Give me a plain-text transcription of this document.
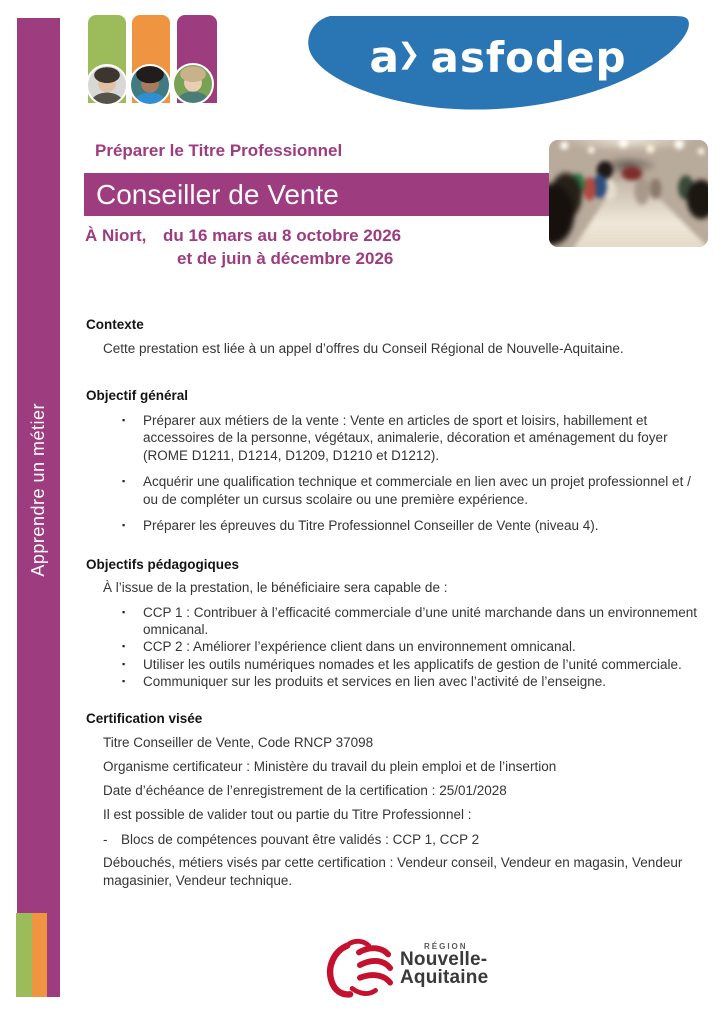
Apprendre un métier
a❯ asfodep
Préparer le Titre Professionnel
Conseiller de Vente
À Niort, du 16 mars au 8 octobre 2026
et de juin à décembre 2026
Contexte
Cette prestation est liée à un appel d’offres du Conseil Régional de Nouvelle-Aquitaine.
Objectif général
▪	Préparer aux métiers de la vente : Vente en articles de sport et loisirs, habillement et accessoires de la personne, végétaux, animalerie, décoration et aménagement du foyer (ROME D1211, D1214, D1209, D1210 et D1212).
▪	Acquérir une qualification technique et commerciale en lien avec un projet professionnel et / ou de compléter un cursus scolaire ou une première expérience.
▪	Préparer les épreuves du Titre Professionnel Conseiller de Vente (niveau 4).
Objectifs pédagogiques
À l’issue de la prestation, le bénéficiaire sera capable de :
▪	CCP 1 : Contribuer à l’efficacité commerciale d’une unité marchande dans un environnement omnicanal.
▪	CCP 2 : Améliorer l’expérience client dans un environnement omnicanal.
▪	Utiliser les outils numériques nomades et les applicatifs de gestion de l’unité commerciale.
▪	Communiquer sur les produits et services en lien avec l’activité de l’enseigne.
Certification visée
Titre Conseiller de Vente, Code RNCP 37098
Organisme certificateur : Ministère du travail du plein emploi et de l’insertion
Date d’échéance de l’enregistrement de la certification : 25/01/2028
Il est possible de valider tout ou partie du Titre Professionnel :
-	Blocs de compétences pouvant être validés : CCP 1, CCP 2
Débouchés, métiers visés par cette certification : Vendeur conseil, Vendeur en magasin, Vendeur magasinier, Vendeur technique.
RÉGION
Nouvelle-
Aquitaine
